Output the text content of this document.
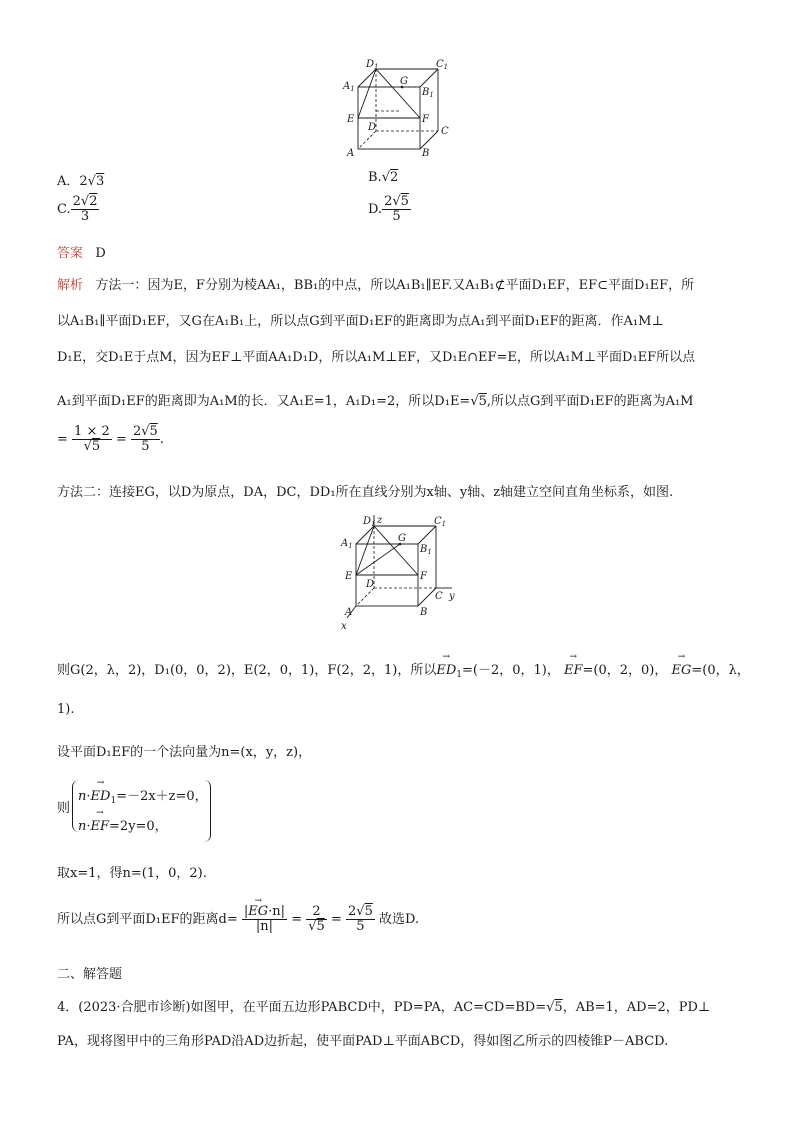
$D_1$	$C_1$
$A_1$	$B_1$
G
E	F
D	C
A	B
A．2√3	B.√2
C. $\frac{2√2}{3}$	D. $\frac{2√5}{5}$
答案 D
解析 方法一：因为E，F分别为棱AA₁，BB₁的中点，所以A₁B₁∥EF.又A₁B₁⊄平面D₁EF，EF⊂平面D₁EF，所
以A₁B₁∥平面D₁EF，又G在A₁B₁上，所以点G到平面D₁EF的距离即为点A₁到平面D₁EF的距离．作A₁M⊥
D₁E，交D₁E于点M，因为EF⊥平面AA₁D₁D，所以A₁M⊥EF，又D₁E∩EF=E，所以A₁M⊥平面D₁EF所以点
A₁到平面D₁EF的距离即为A₁M的长．又A₁E=1，A₁D₁=2，所以D₁E=√5,所以点G到平面D₁EF的距离为A₁M
= $\frac{1 \times 2}{√5} = \frac{2√5}{5}$ .
方法二：连接EG，以D为原点，DA，DC，DD₁所在直线分别为x轴、y轴、z轴建立空间直角坐标系，如图.
$D_1$ z	$C_1$
$A_1$	$B_1$
G
E	F
D
C y
A	B
x
则G(2，λ，2)，D₁(0，0，2)，E(2，0，1)，F(2，2，1)，所以→ $ED_1=(-2$，0，1)， → EF=(0，2，0)， → EG=(0，λ，
1).
设平面D₁EF的一个法向量为n=(x，y，z)，
则
$n\cdot\to ED_1=-2x+z=0$，
n·→ EF=2y=0，
取x=1，得n=(1，0，2).
所以点G到平面D₁EF的距离$d= \frac{|\to EG\cdot n|}{|n|} = \frac{2}{√5} = \frac{2√5}{5}$ 故选D.
二、解答题
4．(2023·合肥市诊断)如图甲，在平面五边形PABCD中，PD=PA，AC=CD=BD=√5，AB=1，AD=2，PD⊥
PA，现将图甲中的三角形PAD沿AD边折起，使平面PAD⊥平面ABCD，得如图乙所示的四棱锥P－ABCD.
